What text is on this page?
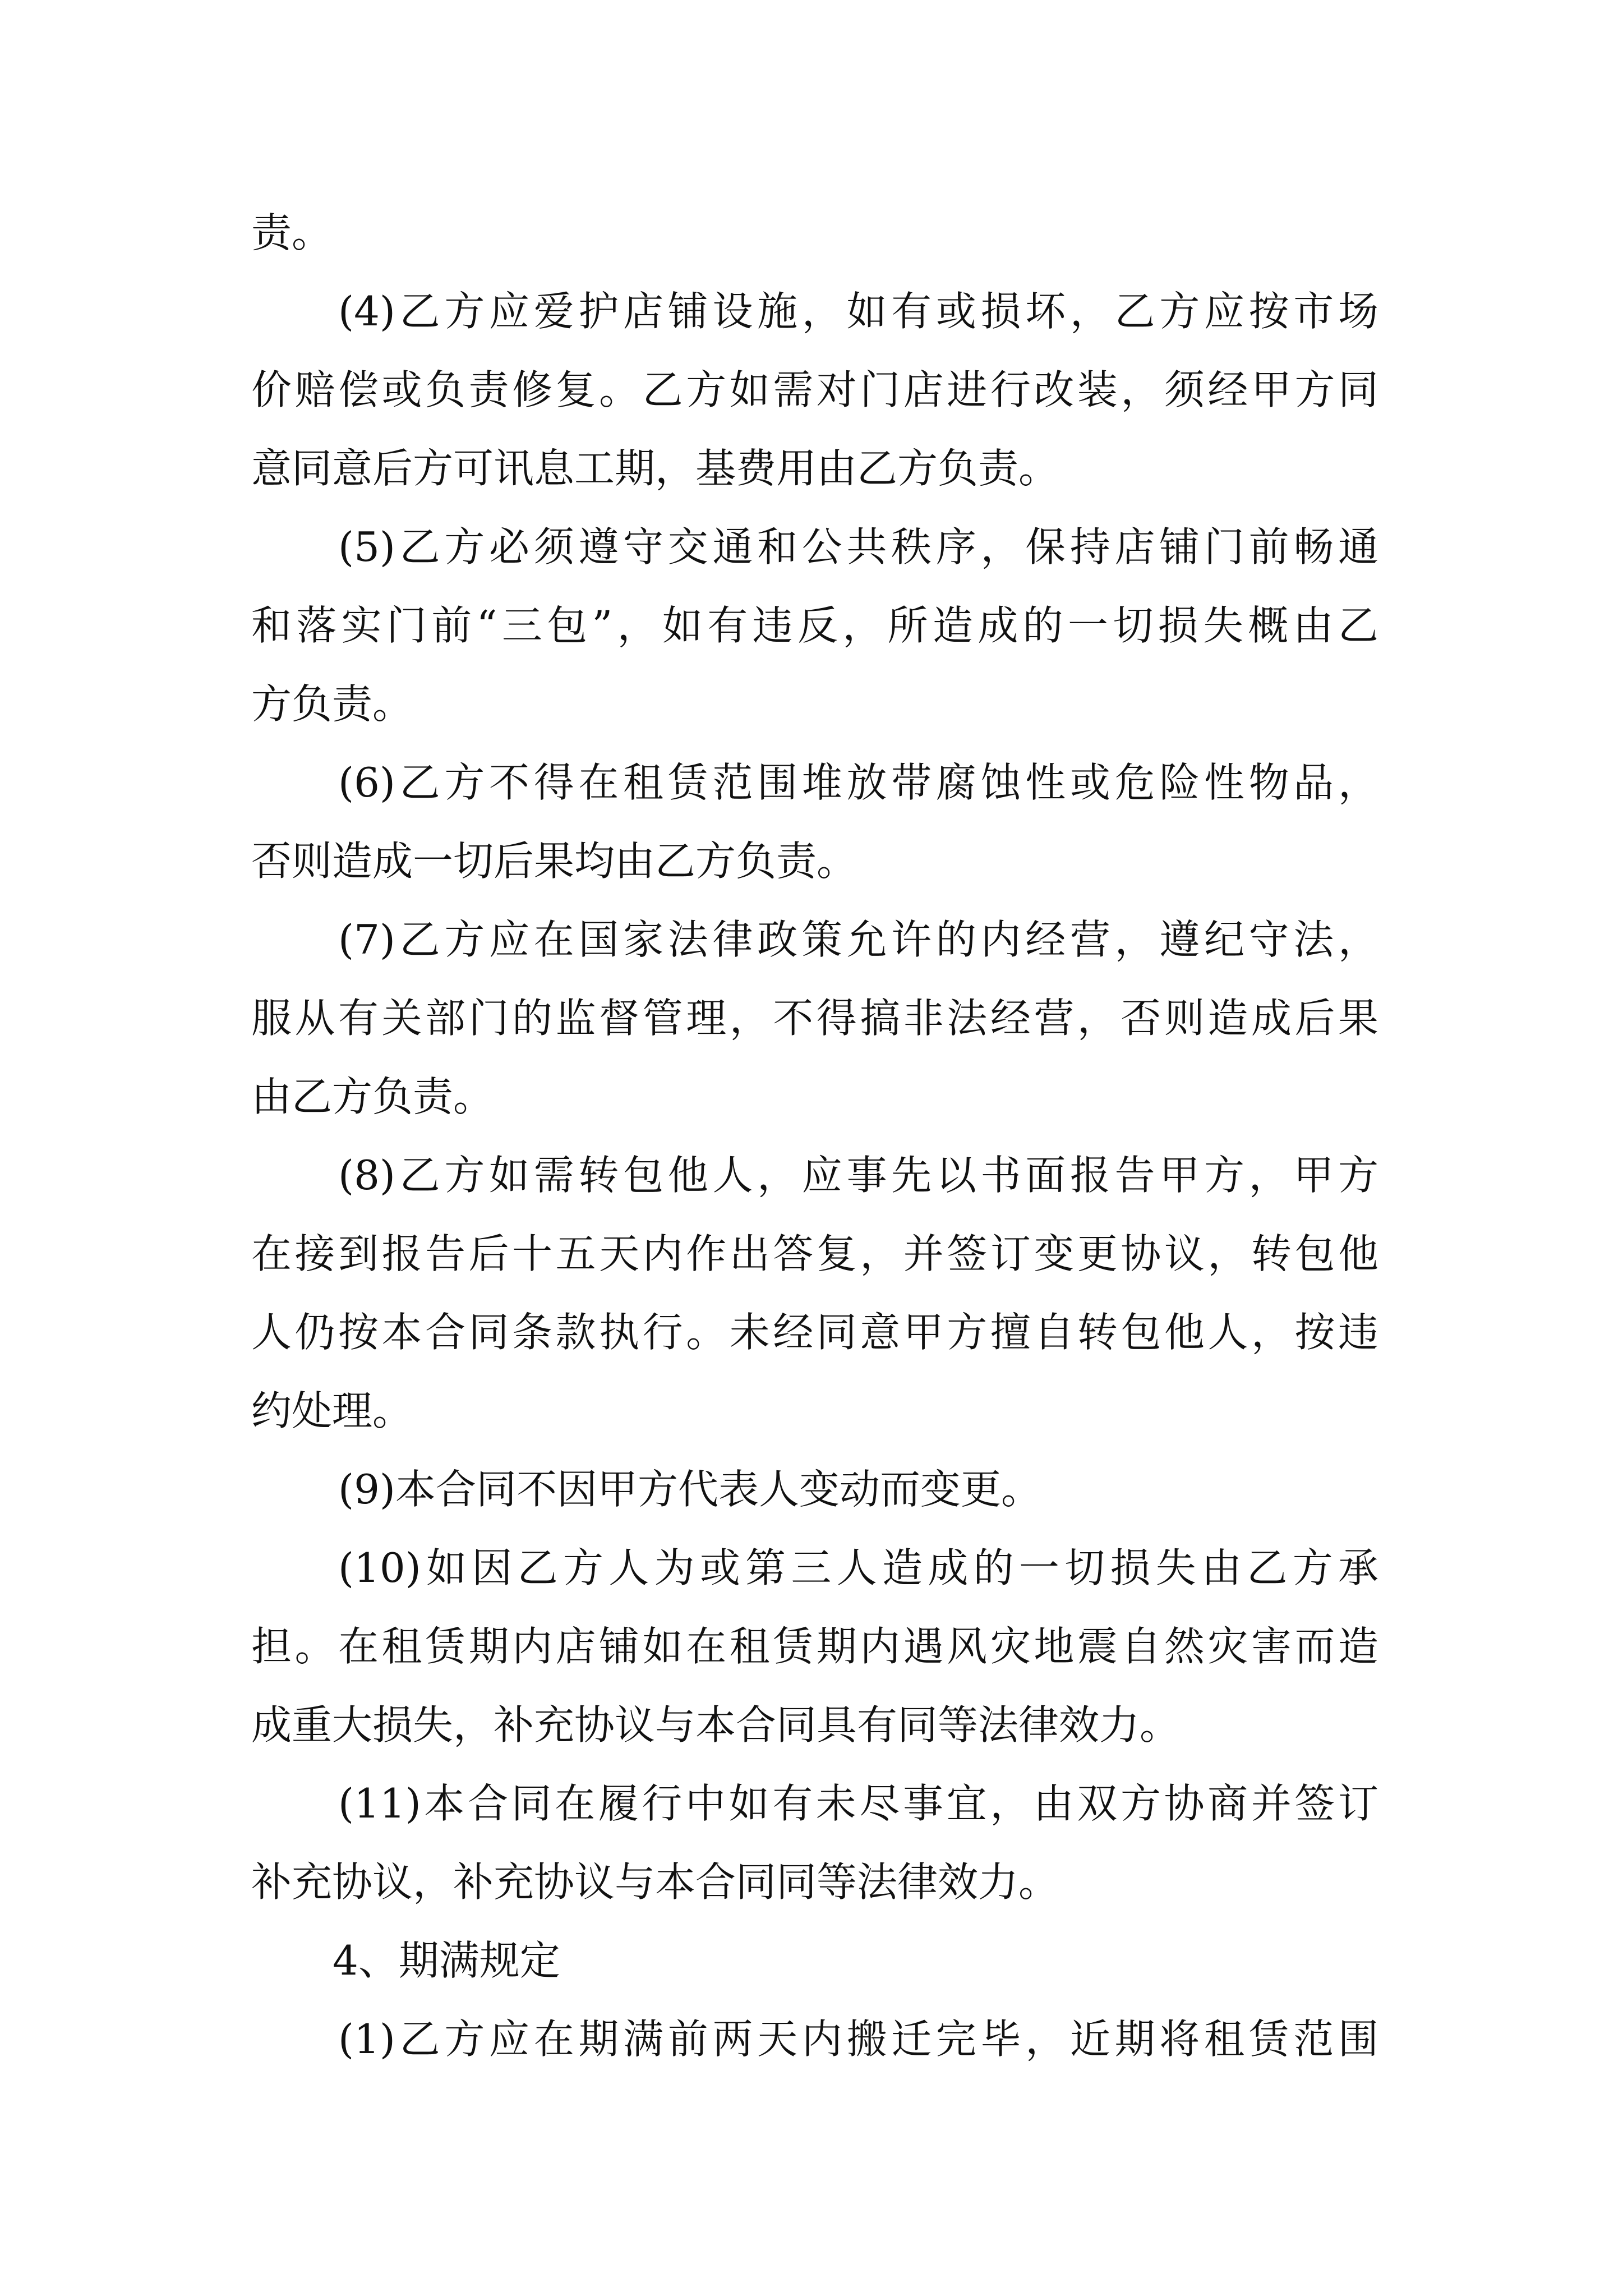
责。
(4)乙方应爱护店铺设施，如有或损坏，乙方应按市场
价赔偿或负责修复。乙方如需对门店进行改装，须经甲方同
意同意后方可讯息工期，基费用由乙方负责。
(5)乙方必须遵守交通和公共秩序，保持店铺门前畅通
和落实门前“三包”，如有违反，所造成的一切损失概由乙
方负责。
(6)乙方不得在租赁范围堆放带腐蚀性或危险性物品，
否则造成一切后果均由乙方负责。
(7)乙方应在国家法律政策允许的内经营，遵纪守法，
服从有关部门的监督管理，不得搞非法经营，否则造成后果
由乙方负责。
(8)乙方如需转包他人，应事先以书面报告甲方，甲方
在接到报告后十五天内作出答复，并签订变更协议，转包他
人仍按本合同条款执行。未经同意甲方擅自转包他人，按违
约处理。
(9)本合同不因甲方代表人变动而变更。
(10)如因乙方人为或第三人造成的一切损失由乙方承
担。在租赁期内店铺如在租赁期内遇风灾地震自然灾害而造
成重大损失，补充协议与本合同具有同等法律效力。
(11)本合同在履行中如有未尽事宜，由双方协商并签订
补充协议，补充协议与本合同同等法律效力。
4、期满规定
(1)乙方应在期满前两天内搬迁完毕，近期将租赁范围
